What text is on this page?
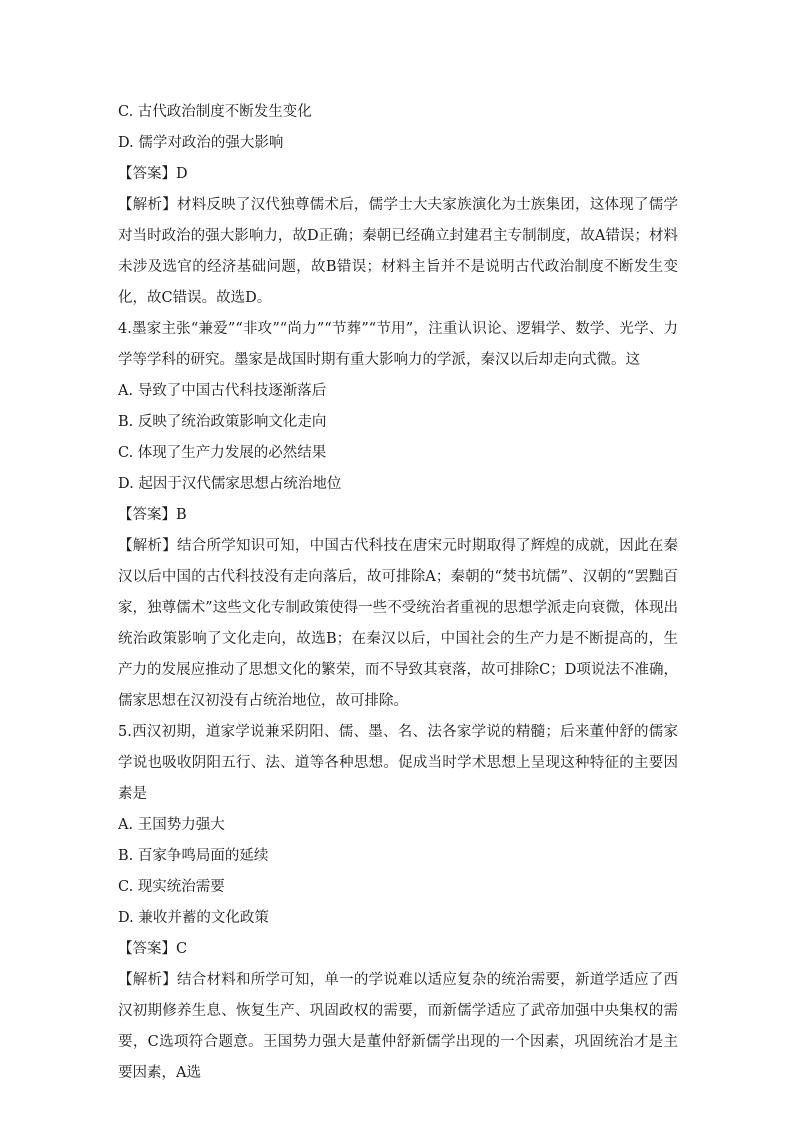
C. 古代政治制度不断发生变化
D. 儒学对政治的强大影响
【答案】D

【解析】材料反映了汉代独尊儒术后，儒学士大夫家族演化为士族集团，这体现了儒学对当时政治的强大影响力，故D正确；秦朝已经确立封建君主专制制度，故A错误；材料未涉及选官的经济基础问题，故B错误；材料主旨并不是说明古代政治制度不断发生变化，故C错误。故选D。

4.墨家主张“兼爱”“非攻”“尚力”“节葬”“节用”，注重认识论、逻辑学、数学、光学、力学等学科的研究。墨家是战国时期有重大影响力的学派，秦汉以后却走向式微。这

A. 导致了中国古代科技逐渐落后
B. 反映了统治政策影响文化走向
C. 体现了生产力发展的必然结果
D. 起因于汉代儒家思想占统治地位
【答案】B

【解析】结合所学知识可知，中国古代科技在唐宋元时期取得了辉煌的成就，因此在秦汉以后中国的古代科技没有走向落后，故可排除A；秦朝的“焚书坑儒”、汉朝的“罢黜百家，独尊儒术”这些文化专制政策使得一些不受统治者重视的思想学派走向衰微，体现出统治政策影响了文化走向，故选B；在秦汉以后，中国社会的生产力是不断提高的，生产力的发展应推动了思想文化的繁荣，而不导致其衰落，故可排除C；D项说法不准确，儒家思想在汉初没有占统治地位，故可排除。

5.西汉初期，道家学说兼采阴阳、儒、墨、名、法各家学说的精髓；后来董仲舒的儒家学说也吸收阴阳五行、法、道等各种思想。促成当时学术思想上呈现这种特征的主要因素是

A. 王国势力强大
B. 百家争鸣局面的延续
C. 现实统治需要
D. 兼收并蓄的文化政策
【答案】C

【解析】结合材料和所学可知，单一的学说难以适应复杂的统治需要，新道学适应了西汉初期修养生息、恢复生产、巩固政权的需要，而新儒学适应了武帝加强中央集权的需要，C选项符合题意。王国势力强大是董仲舒新儒学出现的一个因素，巩固统治才是主要因素，A选
